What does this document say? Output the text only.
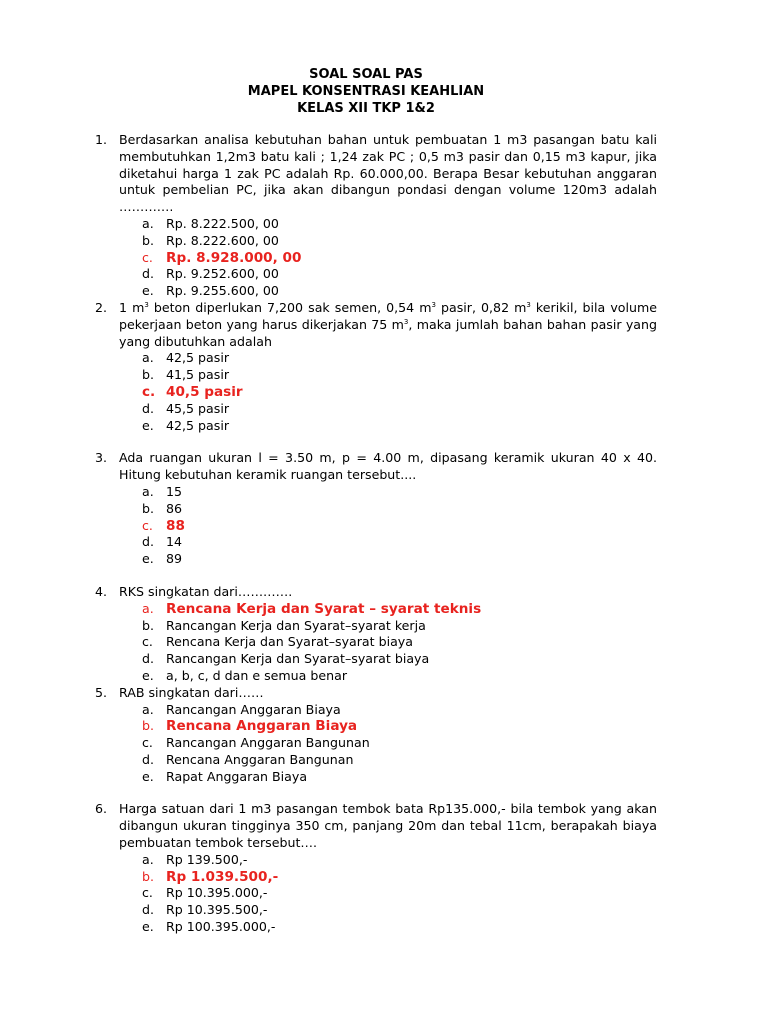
SOAL SOAL PAS
MAPEL KONSENTRASI KEAHLIAN
KELAS XII TKP 1&2
1. Berdasarkan analisa kebutuhan bahan untuk pembuatan 1 m3 pasangan batu kali membutuhkan 1,2m3 batu kali ; 1,24 zak PC ; 0,5 m3 pasir dan 0,15 m3 kapur, jika diketahui harga 1 zak PC adalah Rp. 60.000,00. Berapa Besar kebutuhan anggaran untuk pembelian PC, jika akan dibangun pondasi dengan volume 120m3 adalah ………….
a. Rp. 8.222.500, 00
b. Rp. 8.222.600, 00
c. Rp. 8.928.000, 00
d. Rp. 9.252.600, 00
e. Rp. 9.255.600, 00
2. 1 $m^3$ beton diperlukan 7,200 sak semen, 0,54 $m^3$ pasir, 0,82 $m^3$ kerikil, bila volume pekerjaan beton yang harus dikerjakan 75 $m^3$, maka jumlah bahan bahan pasir yang yang dibutuhkan adalah
a. 42,5 pasir
b. 41,5 pasir
c. 40,5 pasir
d. 45,5 pasir
e. 42,5 pasir
3. Ada ruangan ukuran l = 3.50 m, p = 4.00 m, dipasang keramik ukuran 40 x 40. Hitung kebutuhan keramik ruangan tersebut....
a. 15
b. 86
c. 88
d. 14
e. 89
4. RKS singkatan dari………….
a. Rencana Kerja dan Syarat – syarat teknis
b. Rancangan Kerja dan Syarat–syarat kerja
c. Rencana Kerja dan Syarat–syarat biaya
d. Rancangan Kerja dan Syarat–syarat biaya
e. a, b, c, d dan e semua benar
5. RAB singkatan dari……
a. Rancangan Anggaran Biaya
b. Rencana Anggaran Biaya
c. Rancangan Anggaran Bangunan
d. Rencana Anggaran Bangunan
e. Rapat Anggaran Biaya
6. Harga satuan dari 1 m3 pasangan tembok bata Rp135.000,- bila tembok yang akan dibangun ukuran tingginya 350 cm, panjang 20m dan tebal 11cm, berapakah biaya pembuatan tembok tersebut….
a. Rp 139.500,-
b. Rp 1.039.500,-
c. Rp 10.395.000,-
d. Rp 10.395.500,-
e. Rp 100.395.000,-
